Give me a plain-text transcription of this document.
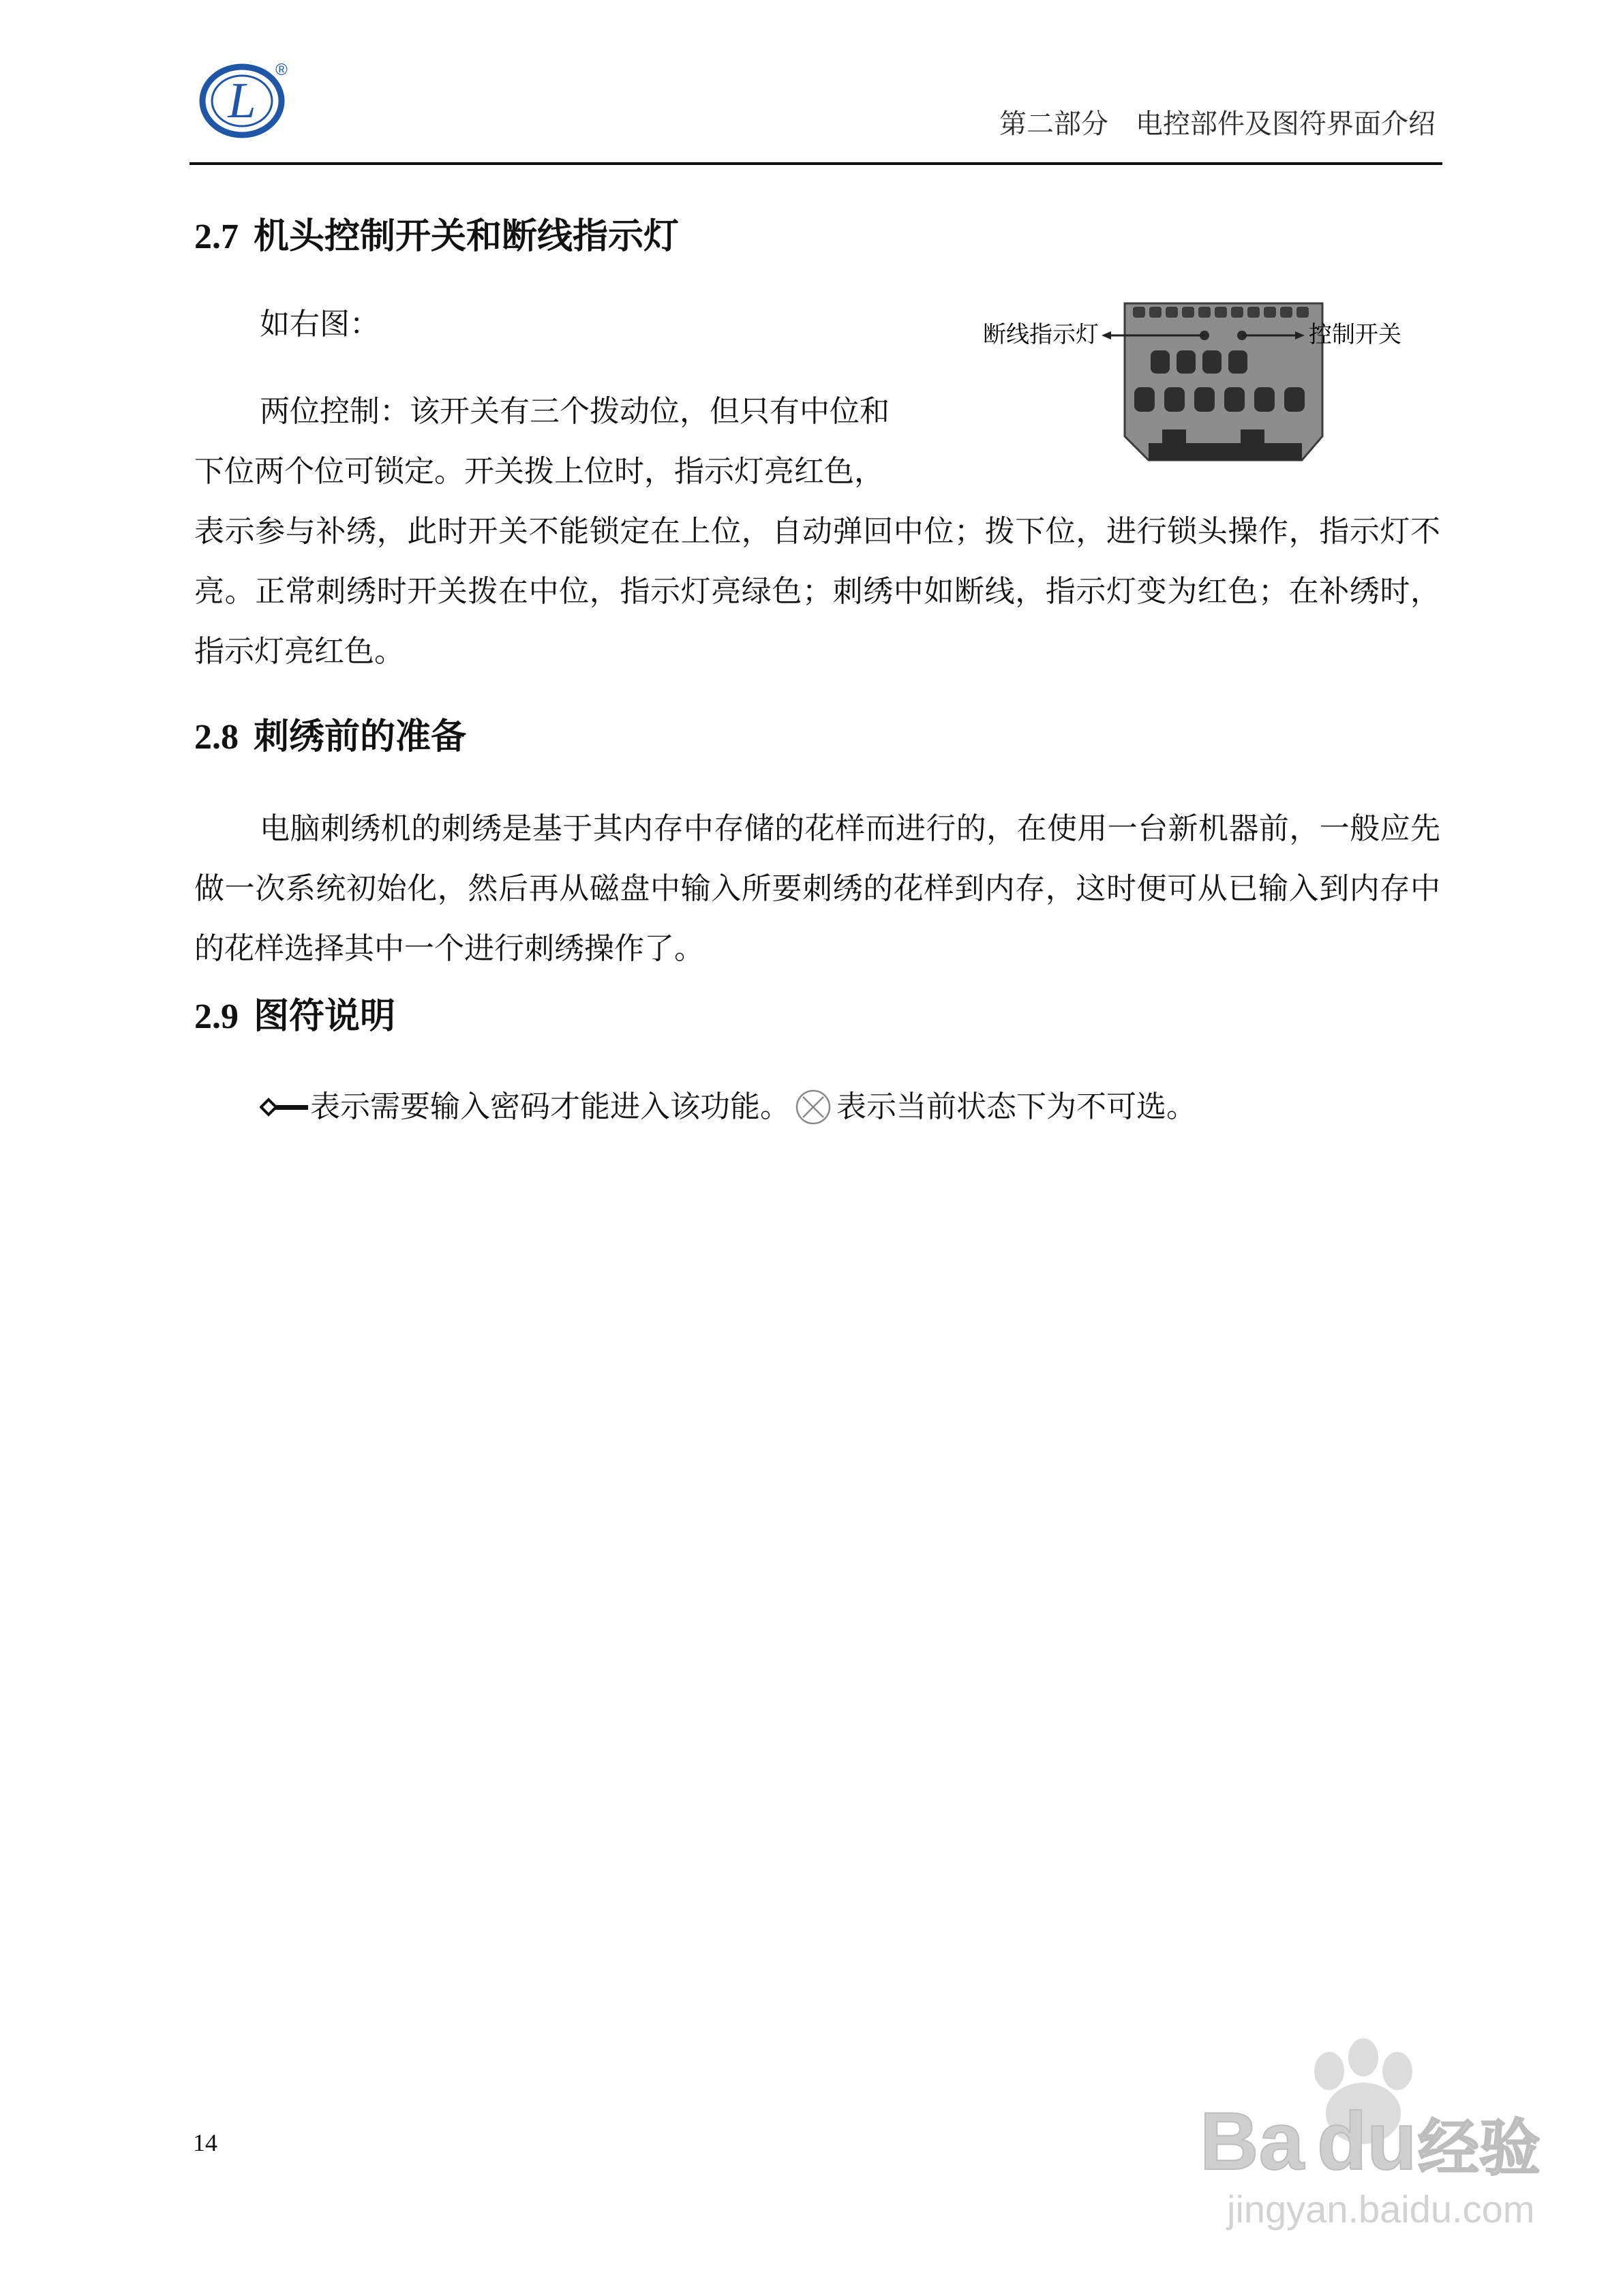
L
®
第二部分　电控部件及图符界面介绍
2.7 机头控制开关和断线指示灯
如右图：
两位控制：该开关有三个拨动位，但只有中位和
下位两个位可锁定。开关拨上位时，指示灯亮红色，
表示参与补绣，此时开关不能锁定在上位，自动弹回中位；拨下位，进行锁头操作，指示灯不亮。正常刺绣时开关拨在中位，指示灯亮绿色；刺绣中如断线，指示灯变为红色；在补绣时，指示灯亮红色。
断线指示灯	控制开关
2.8 刺绣前的准备
电脑刺绣机的刺绣是基于其内存中存储的花样而进行的，在使用一台新机器前，一般应先做一次系统初始化，然后再从磁盘中输入所要刺绣的花样到内存，这时便可从已输入到内存中的花样选择其中一个进行刺绣操作了。
2.9 图符说明
表示需要输入密码才能进入该功能。 表示当前状态下为不可选。
14	Ba du 经验
jingyan.baidu.com
